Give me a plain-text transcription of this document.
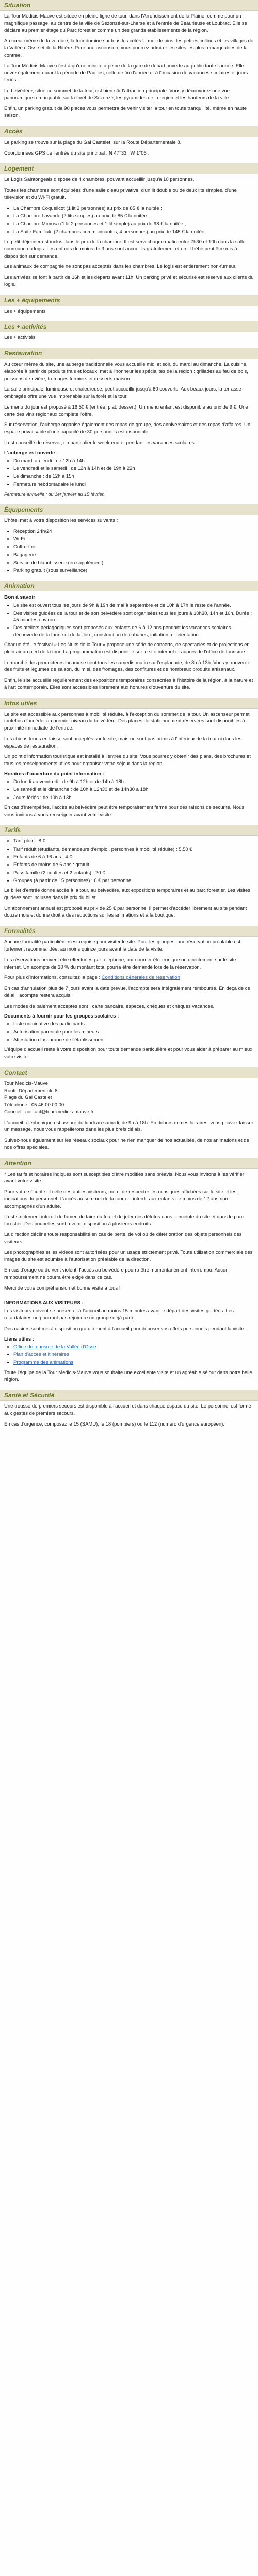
Situation

La Tour Médicis-Mauve est située en pleine ligne de tour, dans l'Arrondissement de la Plaine, comme pour un magnifique passage, au centre de la ville de Sézonzé-sur-Lherse et à l'entrée de Beaurieuse et Loubrac. Elle se déclare au premier étage du Parc forestier comme un des grands établissements de la région.

Au cœur même de la verdure, la tour domine sur tous les côtés la mer de pins, les petites collines et les villages de la Vallée d'Osse et de la Ritière. Pour une ascension, vous pourrez admirer les sites les plus remarquables de la contrée.

La Tour Médicis-Mauve n'est à qu'une minute à peine de la gare de départ ouverte au public toute l'année. Elle ouvre également durant la période de Pâques, celle de fin d'année et à l'occasion de vacances scolaires et jours fériés.

Le belvédère, situé au sommet de la tour, est bien sûr l'attraction principale. Vous y découvrirez une vue panoramique remarquable sur la forêt de Sézonzé, les pyramides de la région et les hauteurs de la ville.

Enfin, un parking gratuit de 90 places vous permettra de venir visiter la tour en toute tranquillité, même en haute saison.

Accès

Le parking se trouve sur la plage du Gai Castelet, sur la Route Départementale 8.

Coordonnées GPS de l'entrée du site principal : N 47°33', W 1°06'.

Logement

Le Logis Saintongeais dispose de 4 chambres, pouvant accueillir jusqu'à 10 personnes.

Toutes les chambres sont équipées d'une salle d'eau privative, d'un lit double ou de deux lits simples, d'une télévision et du Wi-Fi gratuit.

• La Chambre Coquelicot (1 lit 2 personnes) au prix de 85 € la nuitée ;
• La Chambre Lavande (2 lits simples) au prix de 85 € la nuitée ;
• La Chambre Mimosa (1 lit 2 personnes et 1 lit simple) au prix de 98 € la nuitée ;
• La Suite Familiale (2 chambres communicantes, 4 personnes) au prix de 145 € la nuitée.

Le petit déjeuner est inclus dans le prix de la chambre. Il est servi chaque matin entre 7h30 et 10h dans la salle commune du logis. Les enfants de moins de 3 ans sont accueillis gratuitement et un lit bébé peut être mis à disposition sur demande.

Les animaux de compagnie ne sont pas acceptés dans les chambres. Le logis est entièrement non-fumeur.

Les arrivées se font à partir de 16h et les départs avant 11h. Un parking privé et sécurisé est réservé aux clients du logis.

Les + équipements

Les + équipements

Les + activités

Les + activités

Restauration

Au cœur même du site, une auberge traditionnelle vous accueille midi et soir, du mardi au dimanche. La cuisine, élaborée à partir de produits frais et locaux, met à l'honneur les spécialités de la région : grillades au feu de bois, poissons de rivière, fromages fermiers et desserts maison.

La salle principale, lumineuse et chaleureuse, peut accueillir jusqu'à 60 couverts. Aux beaux jours, la terrasse ombragée offre une vue imprenable sur la forêt et la tour.

Le menu du jour est proposé à 16,50 € (entrée, plat, dessert). Un menu enfant est disponible au prix de 9 €. Une carte des vins régionaux complète l'offre.

Sur réservation, l'auberge organise également des repas de groupe, des anniversaires et des repas d'affaires. Un espace privatisable d'une capacité de 30 personnes est disponible.

Il est conseillé de réserver, en particulier le week-end et pendant les vacances scolaires.

L'auberge est ouverte :
• Du mardi au jeudi : de 12h à 14h
• Le vendredi et le samedi : de 12h à 14h et de 19h à 22h
• Le dimanche : de 12h à 15h
• Fermeture hebdomadaire le lundi

Fermeture annuelle : du 1er janvier au 15 février.

Équipements

L'hôtel met à votre disposition les services suivants :

• Réception 24h/24
• Wi-Fi
• Coffre-fort
• Bagagerie
• Service de blanchisserie (en supplément)
• Parking gratuit (sous surveillance)
Animation
Bon à savoir
• Le site est ouvert tous les jours de 9h à 19h de mai à septembre et de 10h à 17h le reste de l'année.
• Des visites guidées de la tour et de son belvédère sont organisées tous les jours à 10h30, 14h et 16h. Durée : 45 minutes environ.
• Des ateliers pédagogiques sont proposés aux enfants de 6 à 12 ans pendant les vacances scolaires : découverte de la faune et de la flore, construction de cabanes, initiation à l'orientation.

Chaque été, le festival « Les Nuits de la Tour » propose une série de concerts, de spectacles et de projections en plein air au pied de la tour. La programmation est disponible sur le site internet et auprès de l'office de tourisme.

Le marché des producteurs locaux se tient tous les samedis matin sur l'esplanade, de 8h à 13h. Vous y trouverez des fruits et légumes de saison, du miel, des fromages, des confitures et de nombreux produits artisanaux.

Enfin, le site accueille régulièrement des expositions temporaires consacrées à l'histoire de la région, à la nature et à l'art contemporain. Elles sont accessibles librement aux horaires d'ouverture du site.

Infos utiles

Le site est accessible aux personnes à mobilité réduite, à l'exception du sommet de la tour. Un ascenseur permet toutefois d'accéder au premier niveau du belvédère. Des places de stationnement réservées sont disponibles à proximité immédiate de l'entrée.

Les chiens tenus en laisse sont acceptés sur le site, mais ne sont pas admis à l'intérieur de la tour ni dans les espaces de restauration.

Un point d'information touristique est installé à l'entrée du site. Vous pourrez y obtenir des plans, des brochures et tous les renseignements utiles pour organiser votre séjour dans la région.

Horaires d'ouverture du point information :
• Du lundi au vendredi : de 9h à 12h et de 14h à 18h
• Le samedi et le dimanche : de 10h à 12h30 et de 14h30 à 18h
• Jours fériés : de 10h à 13h

En cas d'intempéries, l'accès au belvédère peut être temporairement fermé pour des raisons de sécurité. Nous vous invitons à vous renseigner avant votre visite.

Tarifs
• Tarif plein : 8 €
• Tarif réduit (étudiants, demandeurs d'emploi, personnes à mobilité réduite) : 5,50 €
• Enfants de 6 à 16 ans : 4 €
• Enfants de moins de 6 ans : gratuit
• Pass famille (2 adultes et 2 enfants) : 20 €
• Groupes (à partir de 15 personnes) : 6 € par personne

Le billet d'entrée donne accès à la tour, au belvédère, aux expositions temporaires et au parc forestier. Les visites guidées sont incluses dans le prix du billet.

Un abonnement annuel est proposé au prix de 25 € par personne. Il permet d'accéder librement au site pendant douze mois et donne droit à des réductions sur les animations et à la boutique.

Formalités

Aucune formalité particulière n'est requise pour visiter le site. Pour les groupes, une réservation préalable est fortement recommandée, au moins quinze jours avant la date de la visite.

Les réservations peuvent être effectuées par téléphone, par courrier électronique ou directement sur le site internet. Un acompte de 30 % du montant total pourra être demandé lors de la réservation.

Pour plus d'informations, consultez la page : Conditions générales de réservation

En cas d'annulation plus de 7 jours avant la date prévue, l'acompte sera intégralement remboursé. En deçà de ce délai, l'acompte restera acquis.

Les modes de paiement acceptés sont : carte bancaire, espèces, chèques et chèques vacances.

Documents à fournir pour les groupes scolaires :
• Liste nominative des participants
• Autorisation parentale pour les mineurs
• Attestation d'assurance de l'établissement

L'équipe d'accueil reste à votre disposition pour toute demande particulière et pour vous aider à préparer au mieux votre visite.

Contact

Tour Médicis-Mauve
Route Départementale 8
Plage du Gai Castelet
Téléphone : 05 46 00 00 00
Courriel : contact@tour-medicis-mauve.fr

L'accueil téléphonique est assuré du lundi au samedi, de 9h à 18h. En dehors de ces horaires, vous pouvez laisser un message, nous vous rappellerons dans les plus brefs délais.

Suivez-nous également sur les réseaux sociaux pour ne rien manquer de nos actualités, de nos animations et de nos offres spéciales.

Attention

* Les tarifs et horaires indiqués sont susceptibles d'être modifiés sans préavis. Nous vous invitons à les vérifier avant votre visite.

Pour votre sécurité et celle des autres visiteurs, merci de respecter les consignes affichées sur le site et les indications du personnel. L'accès au sommet de la tour est interdit aux enfants de moins de 12 ans non accompagnés d'un adulte.

Il est strictement interdit de fumer, de faire du feu et de jeter des détritus dans l'enceinte du site et dans le parc forestier. Des poubelles sont à votre disposition à plusieurs endroits.

La direction décline toute responsabilité en cas de perte, de vol ou de détérioration des objets personnels des visiteurs.

Les photographies et les vidéos sont autorisées pour un usage strictement privé. Toute utilisation commerciale des images du site est soumise à l'autorisation préalable de la direction.

En cas d'orage ou de vent violent, l'accès au belvédère pourra être momentanément interrompu. Aucun remboursement ne pourra être exigé dans ce cas.

Merci de votre compréhension et bonne visite à tous !

INFORMATIONS AUX VISITEURS :

Les visiteurs doivent se présenter à l'accueil au moins 15 minutes avant le départ des visites guidées. Les retardataires ne pourront pas rejoindre un groupe déjà parti.

Des casiers sont mis à disposition gratuitement à l'accueil pour déposer vos effets personnels pendant la visite.

Liens utiles :
• Office de tourisme de la Vallée d'Osse
• Plan d'accès et itinéraires
• Programme des animations

Toute l'équipe de la Tour Médicis-Mauve vous souhaite une excellente visite et un agréable séjour dans notre belle région.

Santé et Sécurité

Une trousse de premiers secours est disponible à l'accueil et dans chaque espace du site. Le personnel est formé aux gestes de premiers secours.

En cas d'urgence, composez le 15 (SAMU), le 18 (pompiers) ou le 112 (numéro d'urgence européen).
